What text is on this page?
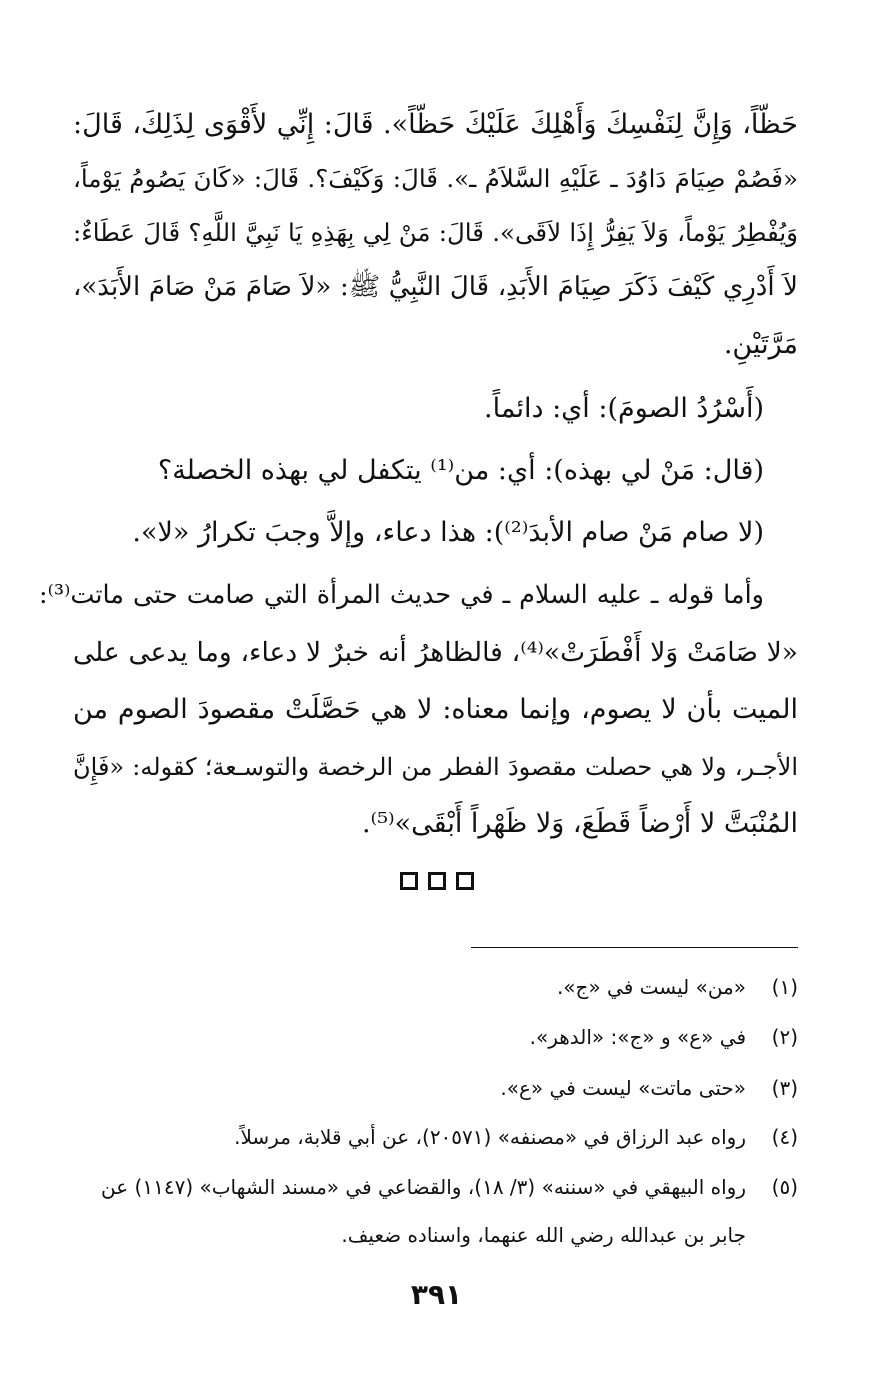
حَظّاً، وَإِنَّ لِنَفْسِكَ وَأَهْلِكَ عَلَيْكَ حَظّاً». قَالَ: إِنِّي لأَقْوَى لِذَلِكَ، قَالَ:
«فَصُمْ صِيَامَ دَاوُدَ ـ عَلَيْهِ السَّلاَمُ ـ». قَالَ: وَكَيْفَ؟. قَالَ: «كَانَ يَصُومُ يَوْماً،
وَيُفْطِرُ يَوْماً، وَلاَ يَفِرُّ إِذَا لاَقَى». قَالَ: مَنْ لِي بِهَذِهِ يَا نَبِيَّ اللَّهِ؟ قَالَ عَطَاءٌ:
لاَ أَدْرِي كَيْفَ ذَكَرَ صِيَامَ الأَبَدِ، قَالَ النَّبِيُّ ﷺ: «لاَ صَامَ مَنْ صَامَ الأَبَدَ»،
مَرَّتَيْنِ.
(أَسْرُدُ الصومَ): أي: دائماً.
(قال: مَنْ لي بهذه): أي: من⁽¹⁾ يتكفل لي بهذه الخصلة؟
(لا صام مَنْ صام الأبدَ⁽²⁾): هذا دعاء، وإلاَّ وجبَ تكرارُ «لا».
وأما قوله ـ عليه السلام ـ في حديث المرأة التي صامت حتى ماتت⁽³⁾:
«لا صَامَتْ وَلا أَفْطَرَتْ»⁽⁴⁾، فالظاهرُ أنه خبرٌ لا دعاء، وما يدعى على
الميت بأن لا يصوم، وإنما معناه: لا هي حَصَّلَتْ مقصودَ الصوم من
الأجـر، ولا هي حصلت مقصودَ الفطر من الرخصة والتوسـعة؛ كقوله: «فَإِنَّ
المُنْبَتَّ لا أَرْضاً قَطَعَ، وَلا ظَهْراً أَبْقَى»⁽⁵⁾.
(١)«من» ليست في «ج».
(٢)في «ع» و «ج»: «الدهر».
(٣)«حتى ماتت» ليست في «ع».
(٤)رواه عبد الرزاق في «مصنفه» (٢٠٥٧١)، عن أبي قلابة، مرسلاً.
(٥)رواه البيهقي في «سننه» (٣/ ١٨)، والقضاعي في «مسند الشهاب» (١١٤٧) عن
جابر بن عبدالله رضي الله عنهما، واسناده ضعيف.
٣٩١
